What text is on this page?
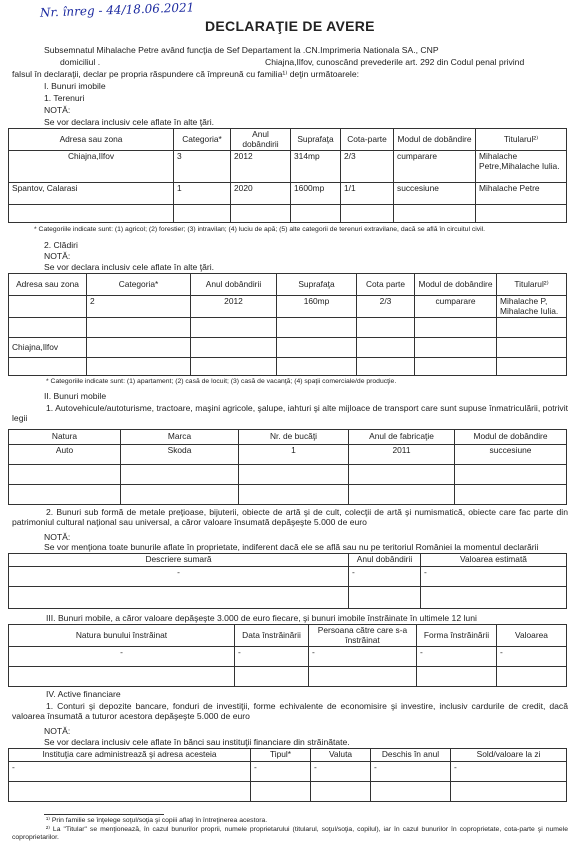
Nr. înreg - 44/18.06.2021
DECLARAŢIE DE AVERE
Subsemnatul Mihalache Petre având funcţia de Sef Departament la .CN.Imprimeria Nationala SA., CNP
domiciliul .	Chiajna,Ilfov, cunoscând prevederile art. 292 din Codul penal privind
falsul în declaraţii, declar pe propria răspundere că împreună cu familia¹⁾ deţin următoarele:
I. Bunuri imobile
1. Terenuri
NOTĂ:
Se vor declara inclusiv cele aflate în alte ţări.
Adresa sau zona	Categoria*	Anul dobândirii	Suprafaţa	Cota-parte	Modul de dobândire	Titularul²⁾
Chiajna,Ilfov	3	2012	314mp	2/3	cumparare	Mihalache Petre,Mihalache Iulia.
Spantov, Calarasi	1	2020	1600mp	1/1	succesiune	Mihalache Petre

* Categoriile indicate sunt: (1) agricol; (2) forestier; (3) intravilan; (4) luciu de apă; (5) alte categorii de terenuri extravilane, dacă se află în circuitul civil.
2. Clădiri
NOTĂ:
Se vor declara inclusiv cele aflate în alte ţări.
Adresa sau zona	Categoria*	Anul dobândirii	Suprafaţa	Cota parte	Modul de dobândire	Titularul²⁾
	2	2012	160mp	2/3	cumparare	Mihalache P, Mihalache Iulia.

Chiajna,Ilfov						

* Categoriile indicate sunt: (1) apartament; (2) casă de locuit; (3) casă de vacanţă; (4) spaţii comerciale/de producţie.
II. Bunuri mobile
1. Autovehicule/autoturisme, tractoare, maşini agricole, şalupe, iahturi şi alte mijloace de transport care sunt supuse înmatriculării, potrivit legii
Natura	Marca	Nr. de bucăţi	Anul de fabricaţie	Modul de dobândire
Auto	Skoda	1	2011	succesiune

2. Bunuri sub formă de metale preţioase, bijuterii, obiecte de artă şi de cult, colecţii de artă şi numismatică, obiecte care fac parte din patrimoniul cultural naţional sau universal, a căror valoare însumată depăşeşte 5.000 de euro
NOTĂ:
Se vor menţiona toate bunurile aflate în proprietate, indiferent dacă ele se află sau nu pe teritoriul României la momentul declarării
Descriere sumară	Anul dobândirii	Valoarea estimată
-	-	-

III. Bunuri mobile, a căror valoare depăşeşte 3.000 de euro fiecare, şi bunuri imobile înstrăinate în ultimele 12 luni
Natura bunului înstrăinat	Data înstrăinării	Persoana către care s-a înstrăinat	Forma înstrăinării	Valoarea
-	-	-	-	-

IV. Active financiare
1. Conturi şi depozite bancare, fonduri de investiţii, forme echivalente de economisire şi investire, inclusiv cardurile de credit, dacă valoarea însumată a tuturor acestora depăşeşte 5.000 de euro
NOTĂ:
Se vor declara inclusiv cele aflate în bănci sau instituţii financiare din străinătate.
Instituţia care administrează şi adresa acesteia	Tipul*	Valuta	Deschis în anul	Sold/valoare la zi
-	-	-	-	-

¹⁾ Prin familie se înţelege soţul/soţia şi copiii aflaţi în întreţinerea acestora.
²⁾ La "Titular" se menţionează, în cazul bunurilor proprii, numele proprietarului (titularul, soţul/soţia, copilul), iar în cazul bunurilor în coproprietate, cota-parte şi numele coproprietarilor.
